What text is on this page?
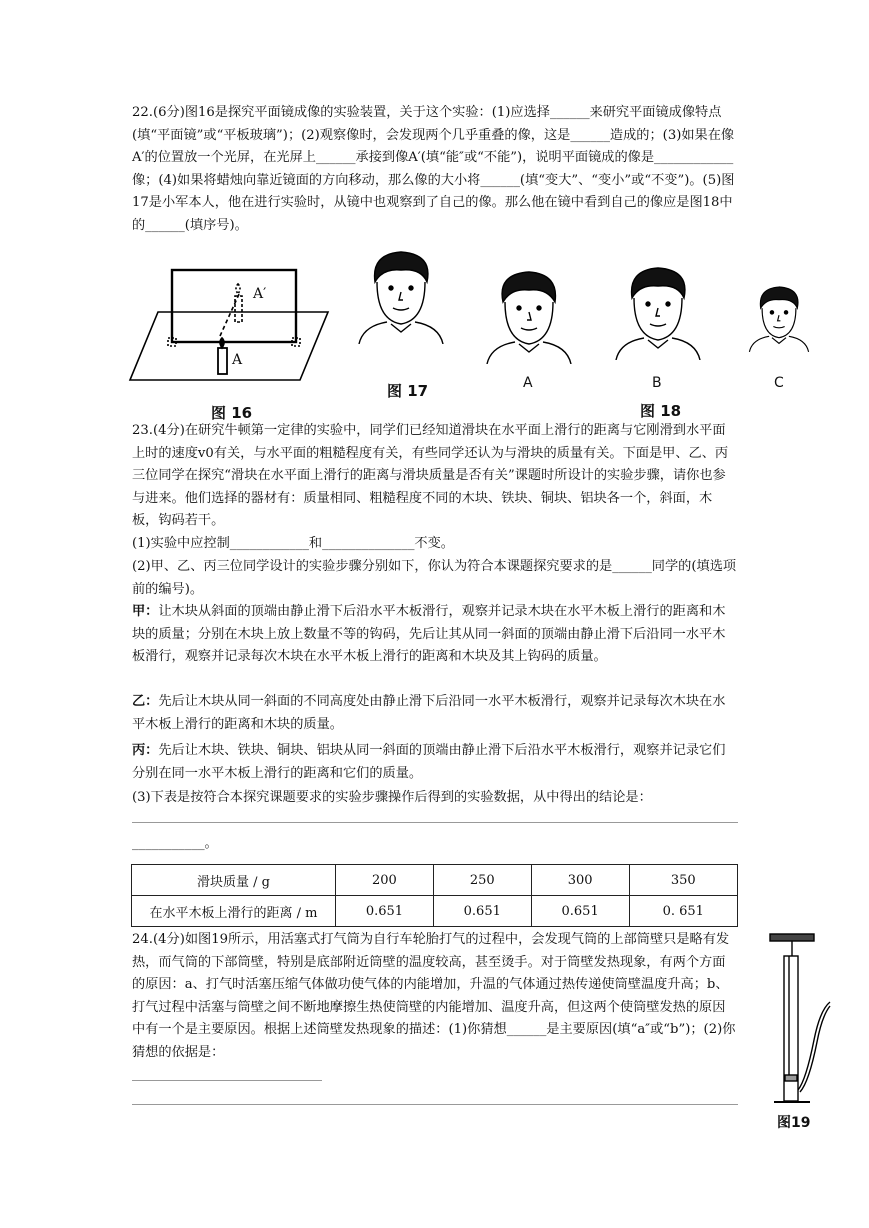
22.(6分)图16是探究平面镜成像的实验装置，关于这个实验：(1)应选择______来研究平面镜成像特点(填“平面镜”或“平板玻璃”)；(2)观察像时，会发现两个几乎重叠的像，这是______造成的；(3)如果在像A′的位置放一个光屏，在光屏上______承接到像A′(填“能″或“不能”)，说明平面镜成的像是____________像；(4)如果将蜡烛向靠近镜面的方向移动，那么像的大小将______(填“变大”、“变小”或“不变”)。(5)图17是小军本人，他在进行实验时，从镜中也观察到了自己的像。那么他在镜中看到自己的像应是图18中的______(填序号)。
A′
A
图 16
图 17	A	B	C
图 18
23.(4分)在研究牛顿第一定律的实验中，同学们已经知道滑块在水平面上滑行的距离与它刚滑到水平面上时的速度v0有关，与水平面的粗糙程度有关，有些同学还认为与滑块的质量有关。下面是甲、乙、丙三位同学在探究“滑块在水平面上滑行的距离与滑块质量是否有关”课题时所设计的实验步骤，请你也参与进来。他们选择的器材有：质量相同、粗糙程度不同的木块、铁块、铜块、铝块各一个，斜面，木板，钩码若干。
(1)实验中应控制____________和______________不变。
(2)甲、乙、丙三位同学设计的实验步骤分别如下，你认为符合本课题探究要求的是______同学的(填选项前的编号)。
甲：让木块从斜面的顶端由静止滑下后沿水平木板滑行，观察并记录木块在水平木板上滑行的距离和木块的质量；分别在木块上放上数量不等的钩码，先后让其从同一斜面的顶端由静止滑下后沿同一水平木板滑行，观察并记录每次木块在水平木板上滑行的距离和木块及其上钩码的质量。
乙：先后让木块从同一斜面的不同高度处由静止滑下后沿同一水平木板滑行，观察并记录每次木块在水平木板上滑行的距离和木块的质量。
丙：先后让木块、铁块、铜块、铝块从同一斜面的顶端由静止滑下后沿水平木板滑行，观察并记录它们分别在同一水平木板上滑行的距离和它们的质量。
(3)下表是按符合本探究课题要求的实验步骤操作后得到的实验数据，从中得出的结论是：
___________。
滑块质量 / g	200	250	300	350
在水平木板上滑行的距离 / m	0.651	0.651	0.651	0. 651
24.(4分)如图19所示，用活塞式打气筒为自行车轮胎打气的过程中，会发现气筒的上部筒壁只是略有发热，而气筒的下部筒壁，特别是底部附近筒壁的温度较高，甚至烫手。对于筒壁发热现象，有两个方面的原因：a、打气时活塞压缩气体做功使气体的内能增加，升温的气体通过热传递使筒壁温度升高；b、打气过程中活塞与筒壁之间不断地摩擦生热使筒壁的内能增加、温度升高，但这两个使筒壁发热的原因中有一个是主要原因。根据上述筒壁发热现象的描述：(1)你猜想______是主要原因(填“a″或“b”)；(2)你猜想的依据是：
图19
